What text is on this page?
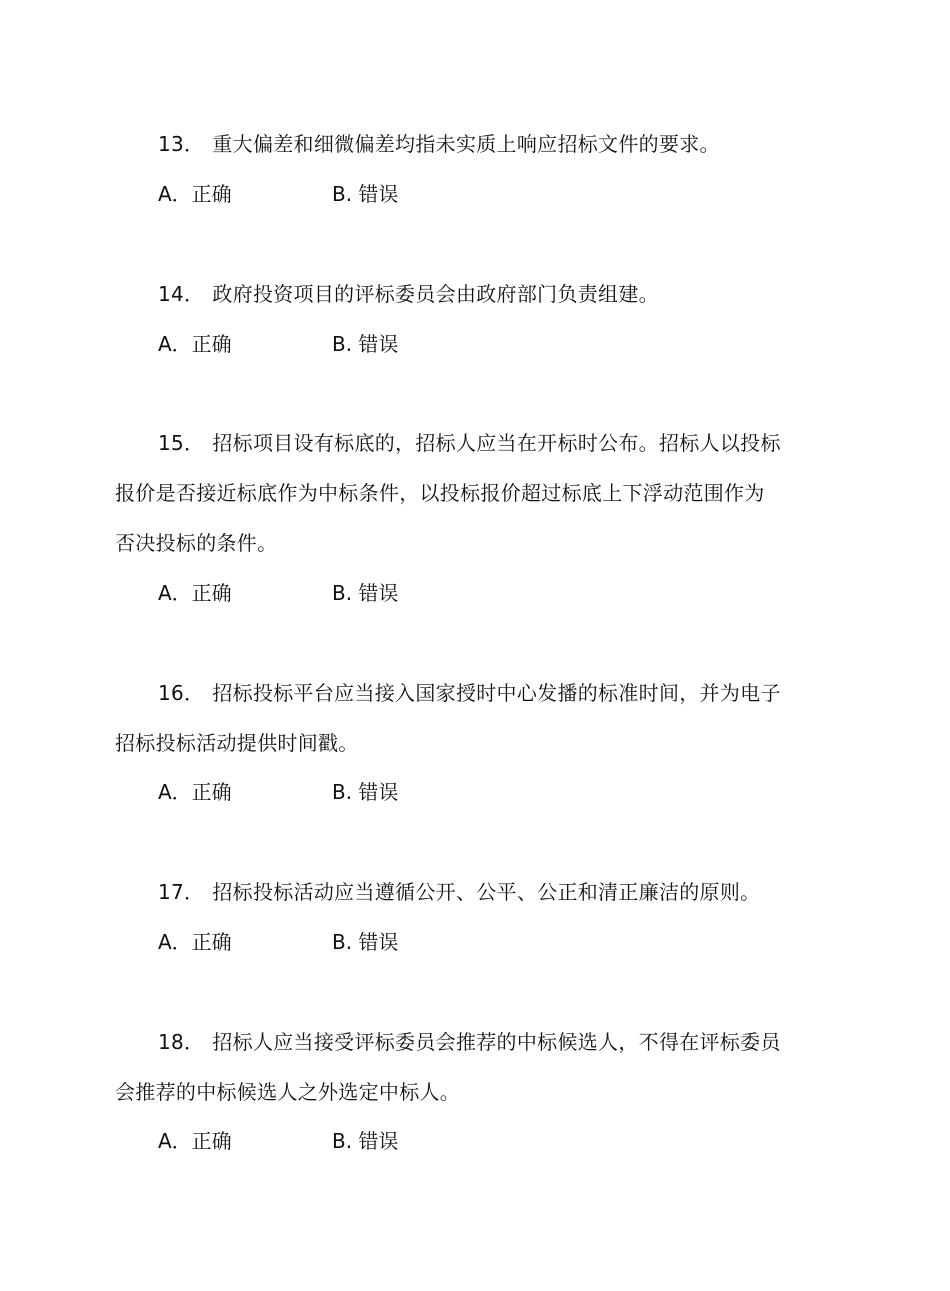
13． 重大偏差和细微偏差均指未实质上响应招标文件的要求。
A．正确	B. 错误
14． 政府投资项目的评标委员会由政府部门负责组建。
A．正确	B. 错误
15． 招标项目设有标底的，招标人应当在开标时公布。招标人以投标
报价是否接近标底作为中标条件，以投标报价超过标底上下浮动范围作为
否决投标的条件。
A．正确	B. 错误
16． 招标投标平台应当接入国家授时中心发播的标准时间，并为电子
招标投标活动提供时间戳。
A．正确	B. 错误
17． 招标投标活动应当遵循公开、公平、公正和清正廉洁的原则。
A．正确	B. 错误
18． 招标人应当接受评标委员会推荐的中标候选人，不得在评标委员
会推荐的中标候选人之外选定中标人。
A．正确	B. 错误
